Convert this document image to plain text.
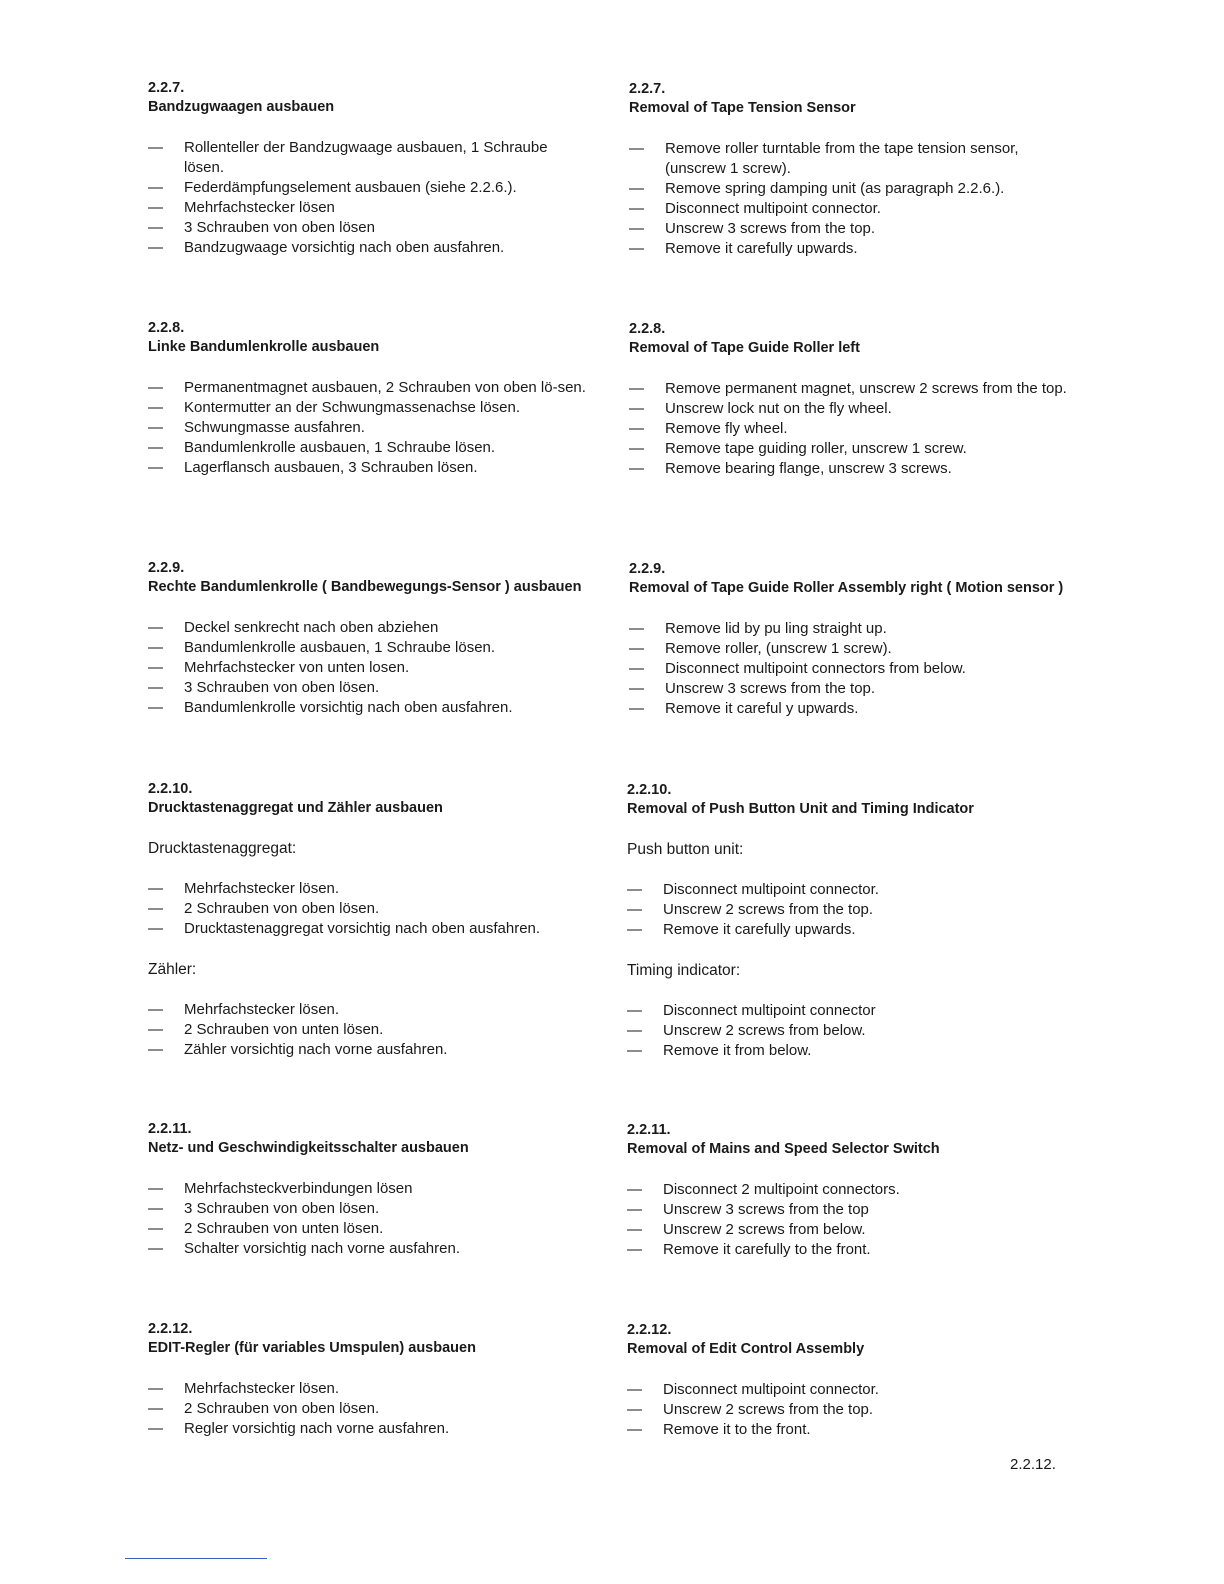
2.2.7.
Bandzugwaagen ausbauen
— Rollenteller der Bandzugwaage ausbauen, 1 Schraube lösen.
— Federdämpfungselement ausbauen (siehe 2.2.6.).
— Mehrfachstecker lösen
— 3 Schrauben von oben lösen
— Bandzugwaage vorsichtig nach oben ausfahren.
2.2.7.
Removal of Tape Tension Sensor
— Remove roller turntable from the tape tension sensor, (unscrew 1 screw).
— Remove spring damping unit (as paragraph 2.2.6.).
— Disconnect multipoint connector.
— Unscrew 3 screws from the top.
— Remove it carefully upwards.
2.2.8.
Linke Bandumlenkrolle ausbauen
— Permanentmagnet ausbauen, 2 Schrauben von oben lö-sen.
— Kontermutter an der Schwungmassenachse lösen.
— Schwungmasse ausfahren.
— Bandumlenkrolle ausbauen, 1 Schraube lösen.
— Lagerflansch ausbauen, 3 Schrauben lösen.
2.2.8.
Removal of Tape Guide Roller left
— Remove permanent magnet, unscrew 2 screws from the top.
— Unscrew lock nut on the fly wheel.
— Remove fly wheel.
— Remove tape guiding roller, unscrew 1 screw.
— Remove bearing flange, unscrew 3 screws.
2.2.9.
Rechte Bandumlenkrolle ( Bandbewegungs-Sensor ) ausbauen
— Deckel senkrecht nach oben abziehen
— Bandumlenkrolle ausbauen, 1 Schraube lösen.
— Mehrfachstecker von unten losen.
— 3 Schrauben von oben lösen.
— Bandumlenkrolle vorsichtig nach oben ausfahren.
2.2.9.
Removal of Tape Guide Roller Assembly right ( Motion sensor )
— Remove lid by pu ling straight up.
— Remove roller, (unscrew 1 screw).
— Disconnect multipoint connectors from below.
— Unscrew 3 screws from the top.
— Remove it careful y upwards.
2.2.10.
Drucktastenaggregat und Zähler ausbauen
Drucktastenaggregat:
— Mehrfachstecker lösen.
— 2 Schrauben von oben lösen.
— Drucktastenaggregat vorsichtig nach oben ausfahren.
Zähler:
— Mehrfachstecker lösen.
— 2 Schrauben von unten lösen.
— Zähler vorsichtig nach vorne ausfahren.
2.2.10.
Removal of Push Button Unit and Timing Indicator
Push button unit:
— Disconnect multipoint connector.
— Unscrew 2 screws from the top.
— Remove it carefully upwards.
Timing indicator:
— Disconnect multipoint connector
— Unscrew 2 screws from below.
— Remove it from below.
2.2.11.
Netz- und Geschwindigkeitsschalter ausbauen
— Mehrfachsteckverbindungen lösen
— 3 Schrauben von oben lösen.
— 2 Schrauben von unten lösen.
— Schalter vorsichtig nach vorne ausfahren.
2.2.11.
Removal of Mains and Speed Selector Switch
— Disconnect 2 multipoint connectors.
— Unscrew 3 screws from the top
— Unscrew 2 screws from below.
— Remove it carefully to the front.
2.2.12.
EDIT-Regler (für variables Umspulen) ausbauen
— Mehrfachstecker lösen.
— 2 Schrauben von oben lösen.
— Regler vorsichtig nach vorne ausfahren.
2.2.12.
Removal of Edit Control Assembly
— Disconnect multipoint connector.
— Unscrew 2 screws from the top.
— Remove it to the front.
2.2.12.
